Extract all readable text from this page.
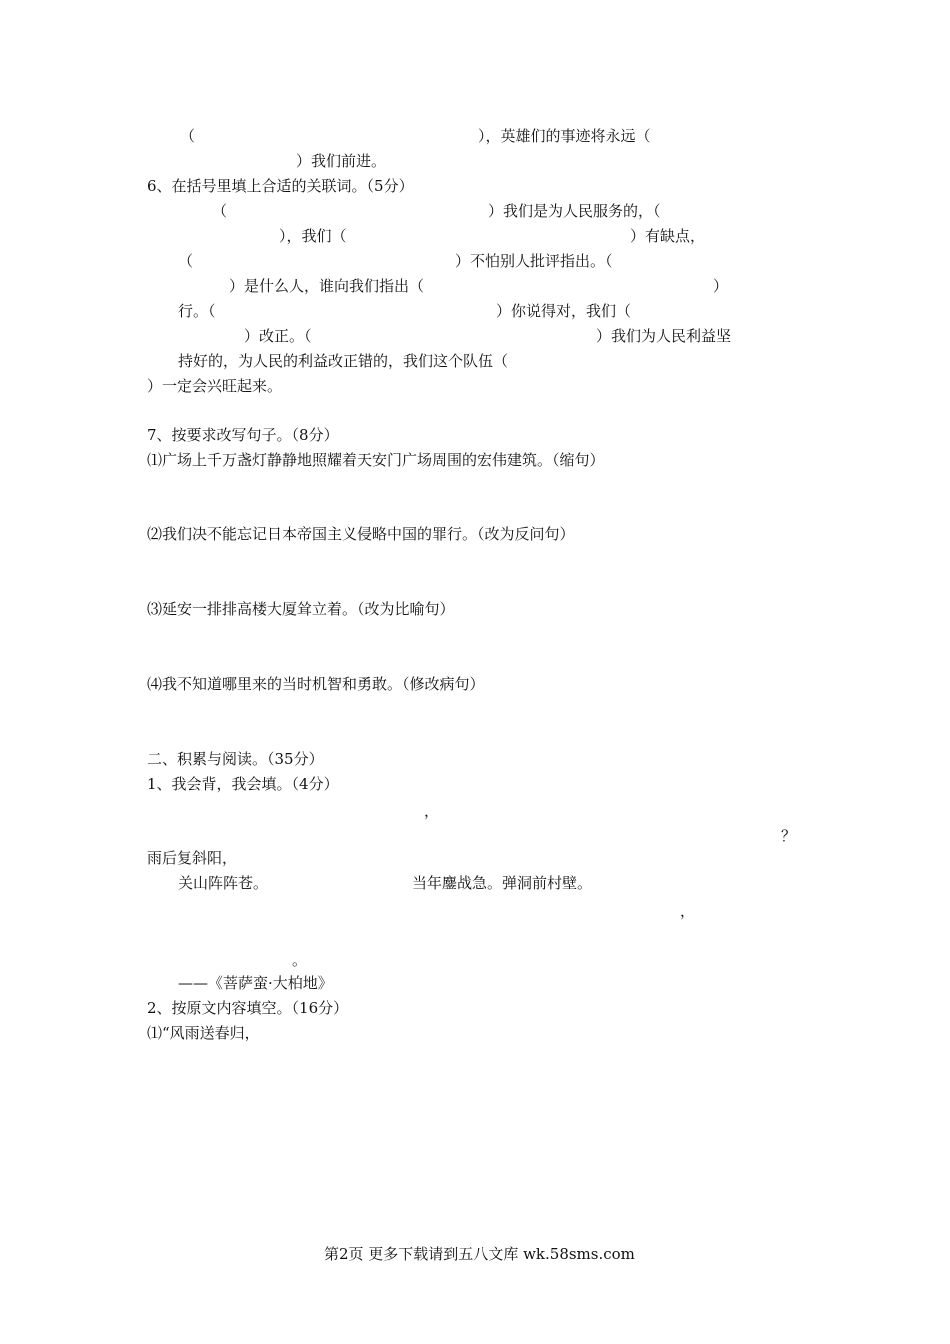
（	），英雄们的事迹将永远（
）我们前进。
6、在括号里填上合适的关联词。（5分）
（	）我们是为人民服务的，（
），我们（	）有缺点，
（	）不怕别人批评指出。（
）是什么人，谁向我们指出（	）
行。（	）你说得对，我们（
）改正。（	）我们为人民利益坚
持好的，为人民的利益改正错的，我们这个队伍（
）一定会兴旺起来。
7、按要求改写句子。（8分）
⑴广场上千万盏灯静静地照耀着天安门广场周围的宏伟建筑。（缩句）
⑵我们决不能忘记日本帝国主义侵略中国的罪行。（改为反问句）
⑶延安一排排高楼大厦耸立着。（改为比喻句）
⑷我不知道哪里来的当时机智和勇敢。（修改病句）
二、积累与阅读。（35分）
1、我会背，我会填。（4分）
，
？
雨后复斜阳，
关山阵阵苍。	当年鏖战急。弹洞前村壁。
，
。
——《菩萨蛮·大柏地》
2、按原文内容填空。（16分）
⑴“风雨送春归，
第2页 更多下载请到五八文库 wk.58sms.com
